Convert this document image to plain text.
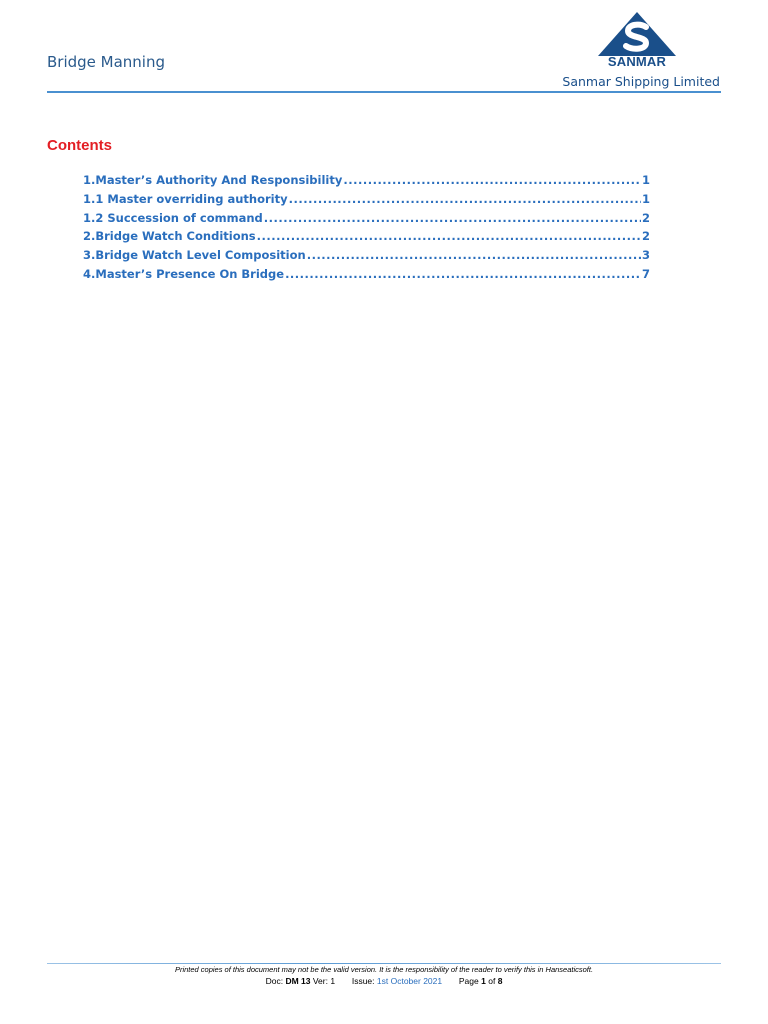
Bridge Manning	SANMAR
Sanmar Shipping Limited
Contents
1.Master’s Authority And Responsibility .....	1
1.1 Master overriding authority .....	1
1.2 Succession of command .....	2
2.Bridge Watch Conditions .....	2
3.Bridge Watch Level Composition .....	3
4.Master’s Presence On Bridge .....	7
Printed copies of this document may not be the valid version. It is the responsibility of the reader to verify this in Hanseaticsoft.
Doc: DM 13 Ver: 1 Issue: 1st October 2021 Page 1 of 8
